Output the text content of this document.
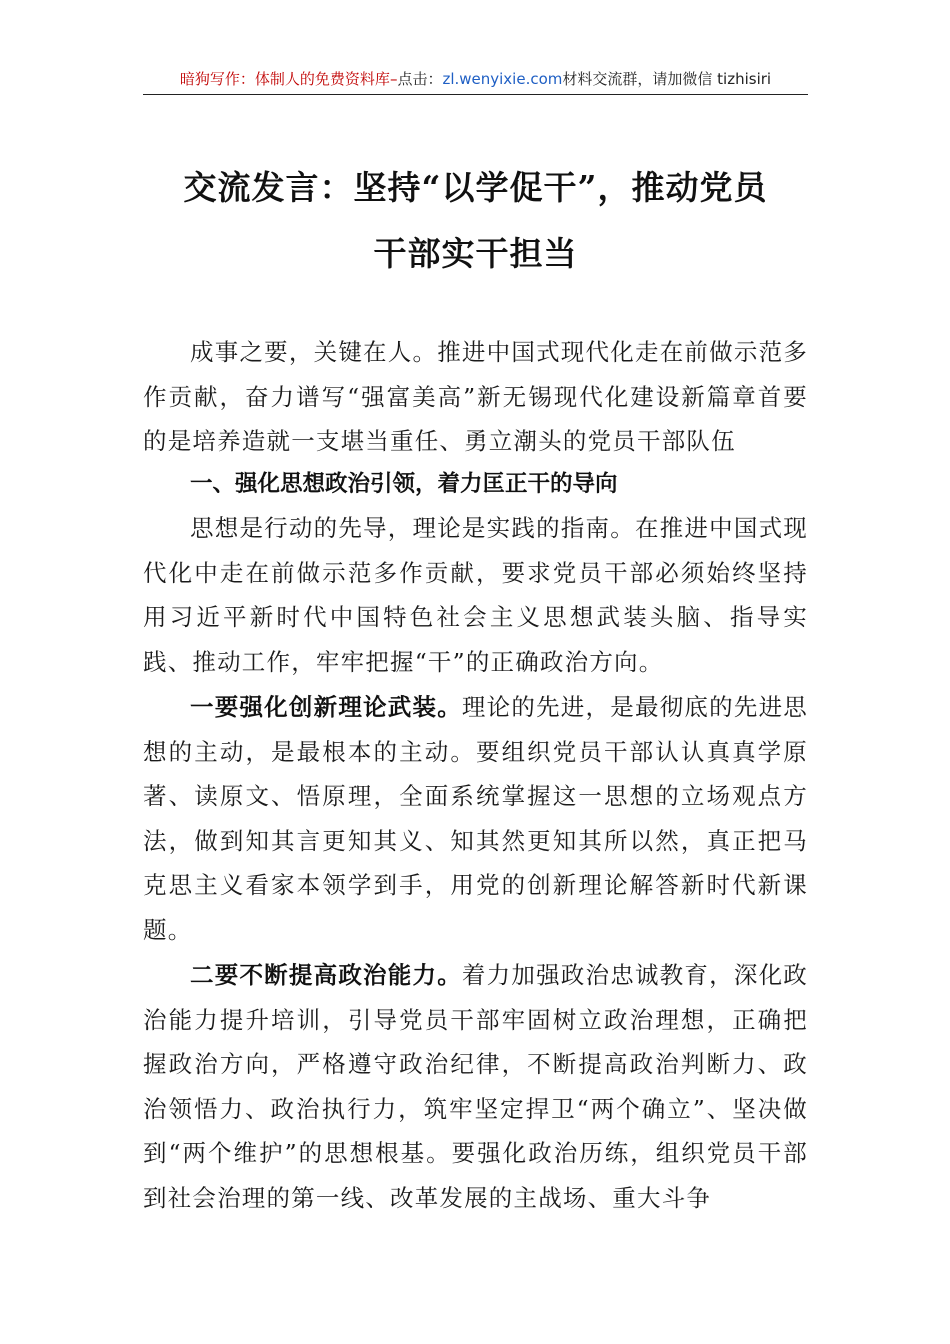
暗狗写作：体制人的免费资料库–点击：zl.wenyixie.com材料交流群，请加微信 tizhisiri
交流发言：坚持“以学促干”，推动党员
干部实干担当

成事之要，关键在人。推进中国式现代化走在前做示范多作贡献，奋力谱写“强富美高”新无锡现代化建设新篇章首要的是培养造就一支堪当重任、勇立潮头的党员干部队伍

一、强化思想政治引领，着力匡正干的导向

思想是行动的先导，理论是实践的指南。在推进中国式现代化中走在前做示范多作贡献，要求党员干部必须始终坚持用习近平新时代中国特色社会主义思想武装头脑、指导实践、推动工作，牢牢把握“干”的正确政治方向。

一要强化创新理论武装。理论的先进，是最彻底的先进思想的主动，是最根本的主动。要组织党员干部认认真真学原著、读原文、悟原理，全面系统掌握这一思想的立场观点方法，做到知其言更知其义、知其然更知其所以然，真正把马克思主义看家本领学到手，用党的创新理论解答新时代新课题。

二要不断提高政治能力。着力加强政治忠诚教育，深化政治能力提升培训，引导党员干部牢固树立政治理想，正确把握政治方向，严格遵守政治纪律，不断提高政治判断力、政治领悟力、政治执行力，筑牢坚定捍卫“两个确立”、坚决做到“两个维护”的思想根基。要强化政治历练，组织党员干部到社会治理的第一线、改革发展的主战场、重大斗争
